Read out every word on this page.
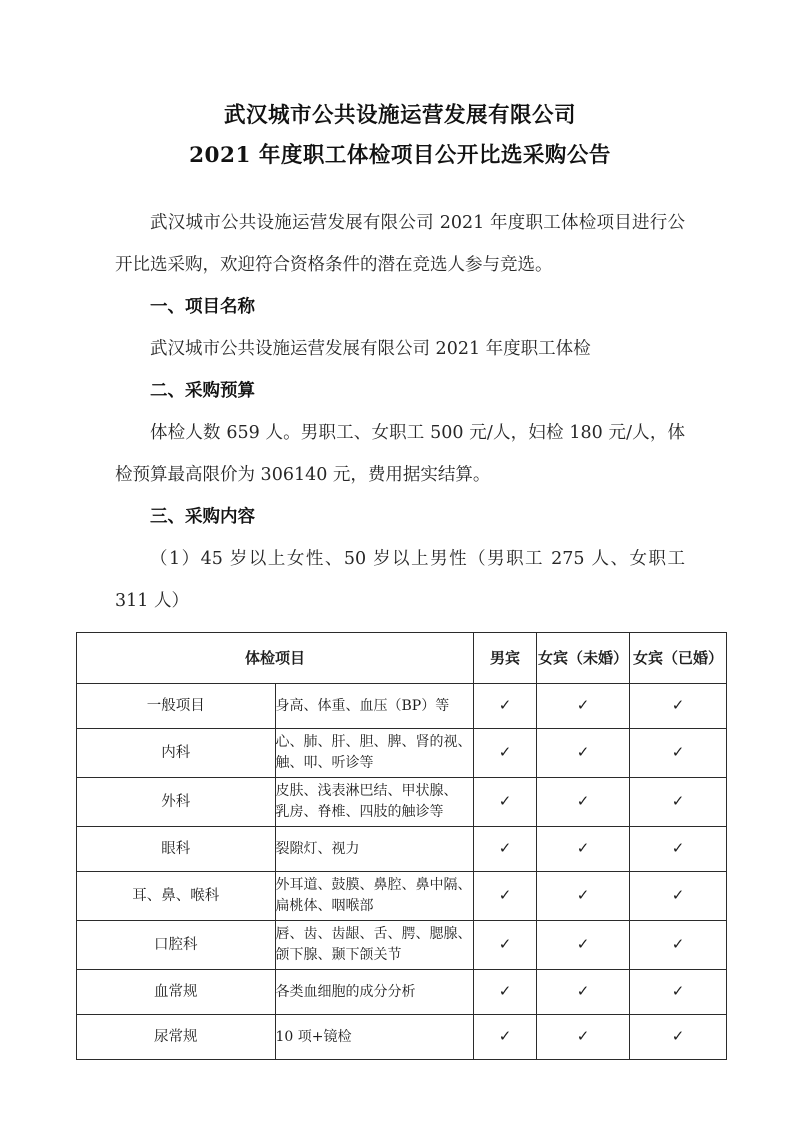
武汉城市公共设施运营发展有限公司
2021 年度职工体检项目公开比选采购公告

武汉城市公共设施运营发展有限公司 2021 年度职工体检项目进行公开比选采购，欢迎符合资格条件的潜在竞选人参与竞选。

一、项目名称

武汉城市公共设施运营发展有限公司 2021 年度职工体检

二、采购预算

体检人数 659 人。男职工、女职工 500 元/人，妇检 180 元/人，体检预算最高限价为 306140 元，费用据实结算。

三、采购内容

（1）45 岁以上女性、50 岁以上男性（男职工 275 人、女职工 311 人）

体检项目		男宾	女宾（未婚）	女宾（已婚）
一般项目	身高、体重、血压（BP）等	✓	✓	✓
内科	心、肺、肝、胆、脾、肾的视、
触、叩、听诊等	✓	✓	✓
外科	皮肤、浅表淋巴结、甲状腺、
乳房、脊椎、四肢的触诊等	✓	✓	✓
眼科	裂隙灯、视力	✓	✓	✓
耳、鼻、喉科	外耳道、鼓膜、鼻腔、鼻中隔、
扁桃体、咽喉部	✓	✓	✓
口腔科	唇、齿、齿龈、舌、腭、腮腺、
颌下腺、颞下颌关节	✓	✓	✓
血常规	各类血细胞的成分分析	✓	✓	✓
尿常规	10 项+镜检	✓	✓	✓
